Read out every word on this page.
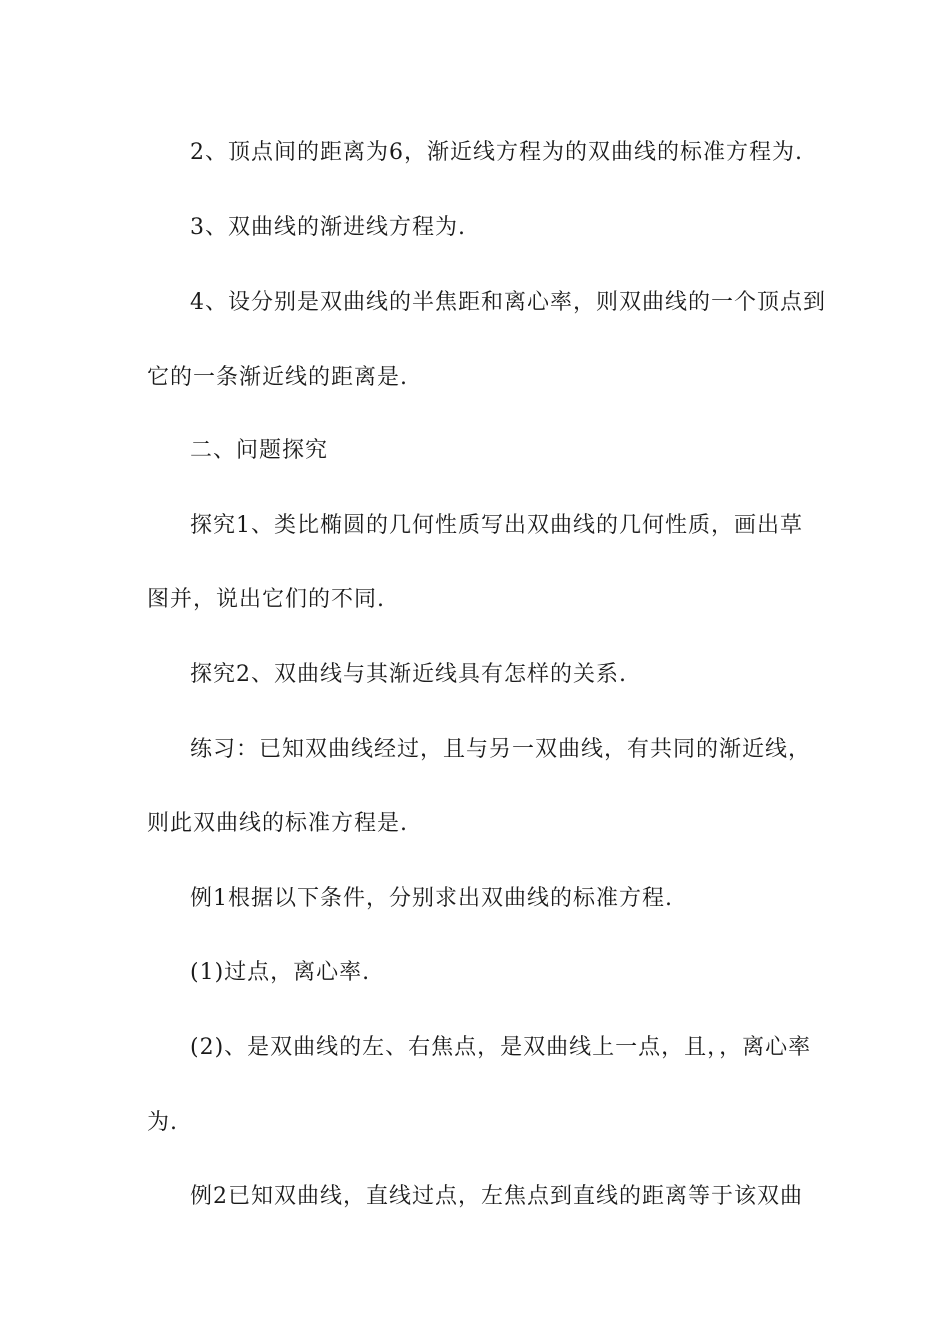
2、顶点间的距离为6，渐近线方程为的双曲线的标准方程为.
3、双曲线的渐进线方程为.
4、设分别是双曲线的半焦距和离心率，则双曲线的一个顶点到
它的一条渐近线的距离是.
二、问题探究
探究1、类比椭圆的几何性质写出双曲线的几何性质，画出草
图并，说出它们的不同.
探究2、双曲线与其渐近线具有怎样的关系.
练习：已知双曲线经过，且与另一双曲线，有共同的渐近线，
则此双曲线的标准方程是.
例1根据以下条件，分别求出双曲线的标准方程.
(1)过点，离心率.
(2)、是双曲线的左、右焦点，是双曲线上一点，且，，离心率
为.
例2已知双曲线，直线过点，左焦点到直线的距离等于该双曲
